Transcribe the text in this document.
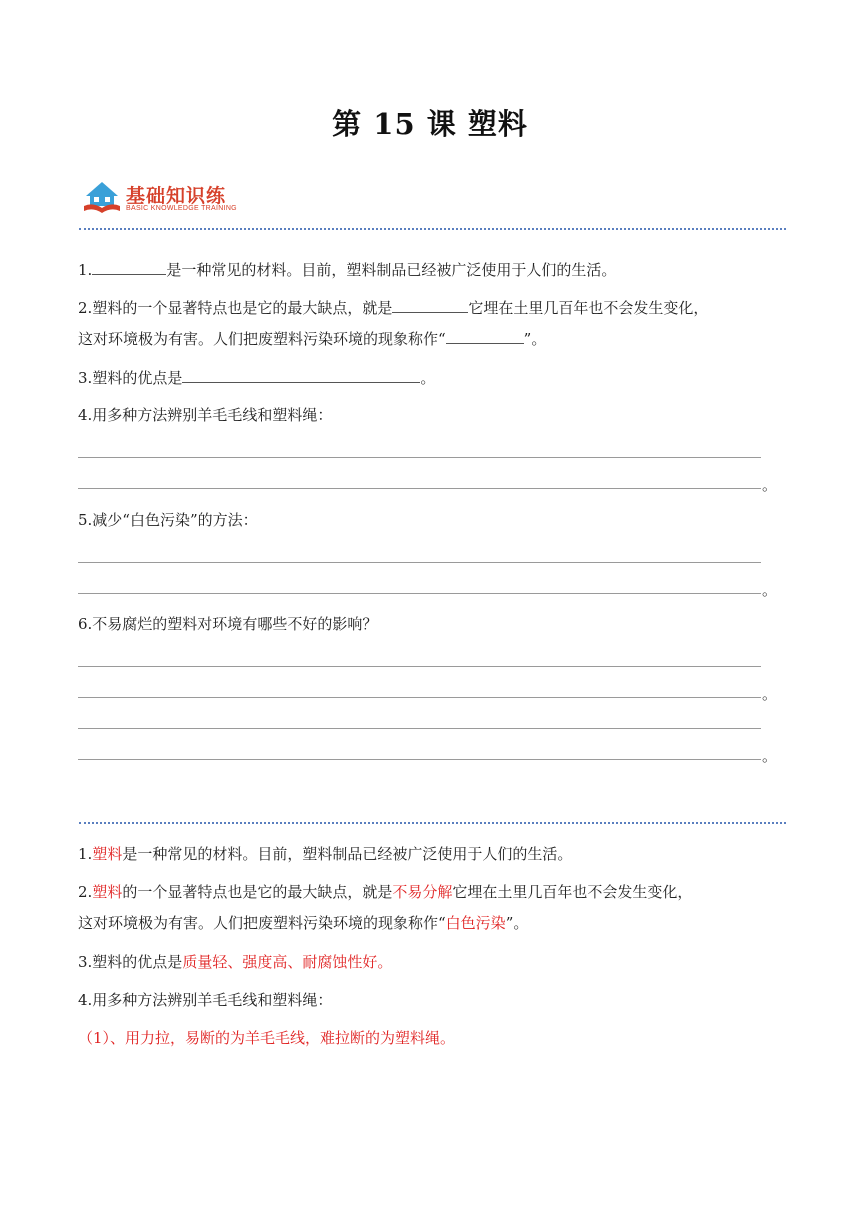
第 15 课 塑料
基础知识练
BASIC KNOWLEDGE TRAINING
1.	是一种常见的材料。目前，塑料制品已经被广泛使用于人们的生活。
2.塑料的一个显著特点也是它的最大缺点，就是	它埋在土里几百年也不会发生变化，
这对环境极为有害。人们把废塑料污染环境的现象称作“	”。
3.塑料的优点是	。
4.用多种方法辨别羊毛毛线和塑料绳：
。
5.减少“白色污染”的方法：
。
6.不易腐烂的塑料对环境有哪些不好的影响？
。
。
1.塑料是一种常见的材料。目前，塑料制品已经被广泛使用于人们的生活。
2.塑料的一个显著特点也是它的最大缺点，就是不易分解它埋在土里几百年也不会发生变化，
这对环境极为有害。人们把废塑料污染环境的现象称作“白色污染”。
3.塑料的优点是质量轻、强度高、耐腐蚀性好。
4.用多种方法辨别羊毛毛线和塑料绳：
（1）、用力拉，易断的为羊毛毛线，难拉断的为塑料绳。
